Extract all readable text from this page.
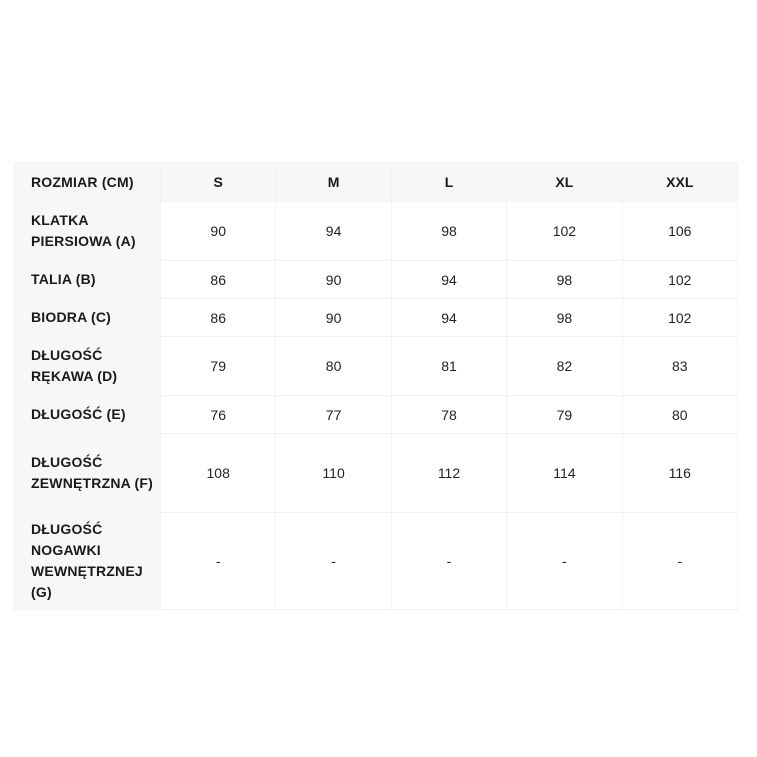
ROZMIAR (CM)	S	M	L	XL	XXL
KLATKA PIERSIOWA (A)	90	94	98	102	106
TALIA (B)	86	90	94	98	102
BIODRA (C)	86	90	94	98	102
DŁUGOŚĆ RĘKAWA (D)	79	80	81	82	83
DŁUGOŚĆ (E)	76	77	78	79	80
DŁUGOŚĆ ZEWNĘTRZNA (F)	108	110	112	114	116
DŁUGOŚĆ NOGAWKI WEWNĘTRZNEJ (G)	-	-	-	-	-
